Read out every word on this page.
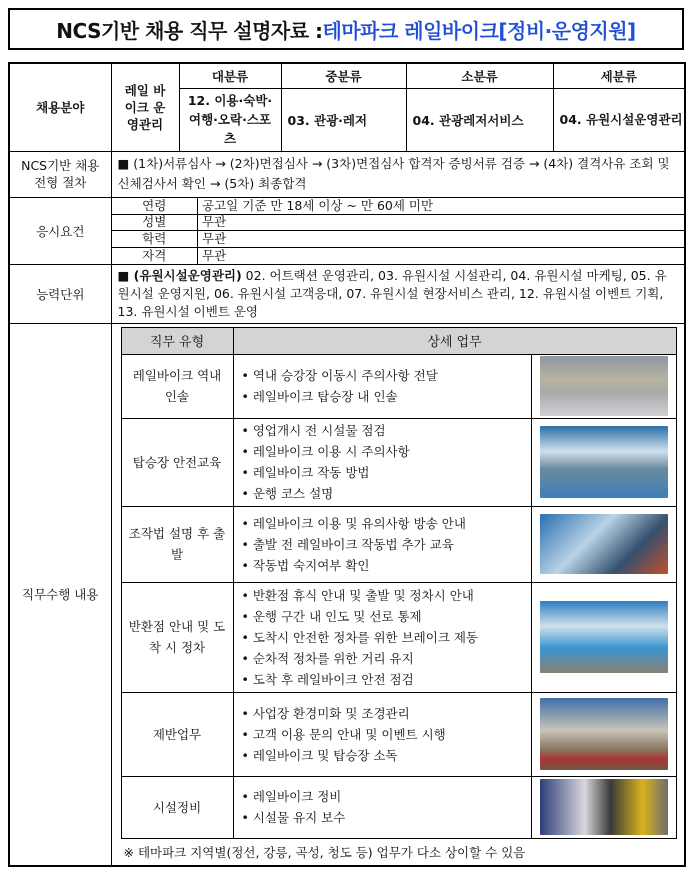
NCS기반 채용 직무 설명자료 : 테마파크 레일바이크[정비·운영지원]
채용분야	레일 바이크 운영관리	대분류	중분류	소분류	세분류
12. 이용·숙박·여행·오락·스포츠	03. 관광·레저	04. 관광레저서비스	04. 유원시설운영관리
NCS기반 채용전형 절차	■ (1차)서류심사 → (2차)면접심사 → (3차)면접심사 합격자 증빙서류 검증 → (4차) 결격사유 조회 및 신체검사서 확인 → (5차) 최종합격
응시요건	
연령	공고일 기준 만 18세 이상 ~ 만 60세 미만
성별	무관
학력	무관
자격	무관

능력단위	■ (유원시설운영관리) 02. 어트랙션 운영관리, 03. 유원시설 시설관리, 04. 유원시설 마케팅, 05. 유원시설 운영지원, 06. 유원시설 고객응대, 07. 유원시설 현장서비스 관리, 12. 유원시설 이벤트 기획, 13. 유원시설 이벤트 운영
직무수행 내용	
직무 유형	상세 업무
레일바이크 역내 인솔	
• 역내 승강장 이동시 주의사항 전달
• 레일바이크 탑승장 내 인솔

탑승장 안전교육	
• 영업개시 전 시설물 점검
• 레일바이크 이용 시 주의사항
• 레일바이크 작동 방법
• 운행 코스 설명

조작법 설명 후 출발	
• 레일바이크 이용 및 유의사항 방송 안내
• 출발 전 레일바이크 작동법 추가 교육
• 작동법 숙지여부 확인

반환점 안내 및 도착 시 정차	
• 반환점 휴식 안내 및 출발 및 정차시 안내
• 운행 구간 내 인도 및 선로 통제
• 도착시 안전한 정차를 위한 브레이크 제동
• 순차적 정차를 위한 거리 유지
• 도착 후 레일바이크 안전 점검

제반업무	
• 사업장 환경미화 및 조경관리
• 고객 이용 문의 안내 및 이벤트 시행
• 레일바이크 및 탑승장 소독

시설정비	
• 레일바이크 정비
• 시설물 유지 보수

※ 테마파크 지역별(정선, 강릉, 곡성, 청도 등) 업무가 다소 상이할 수 있음
